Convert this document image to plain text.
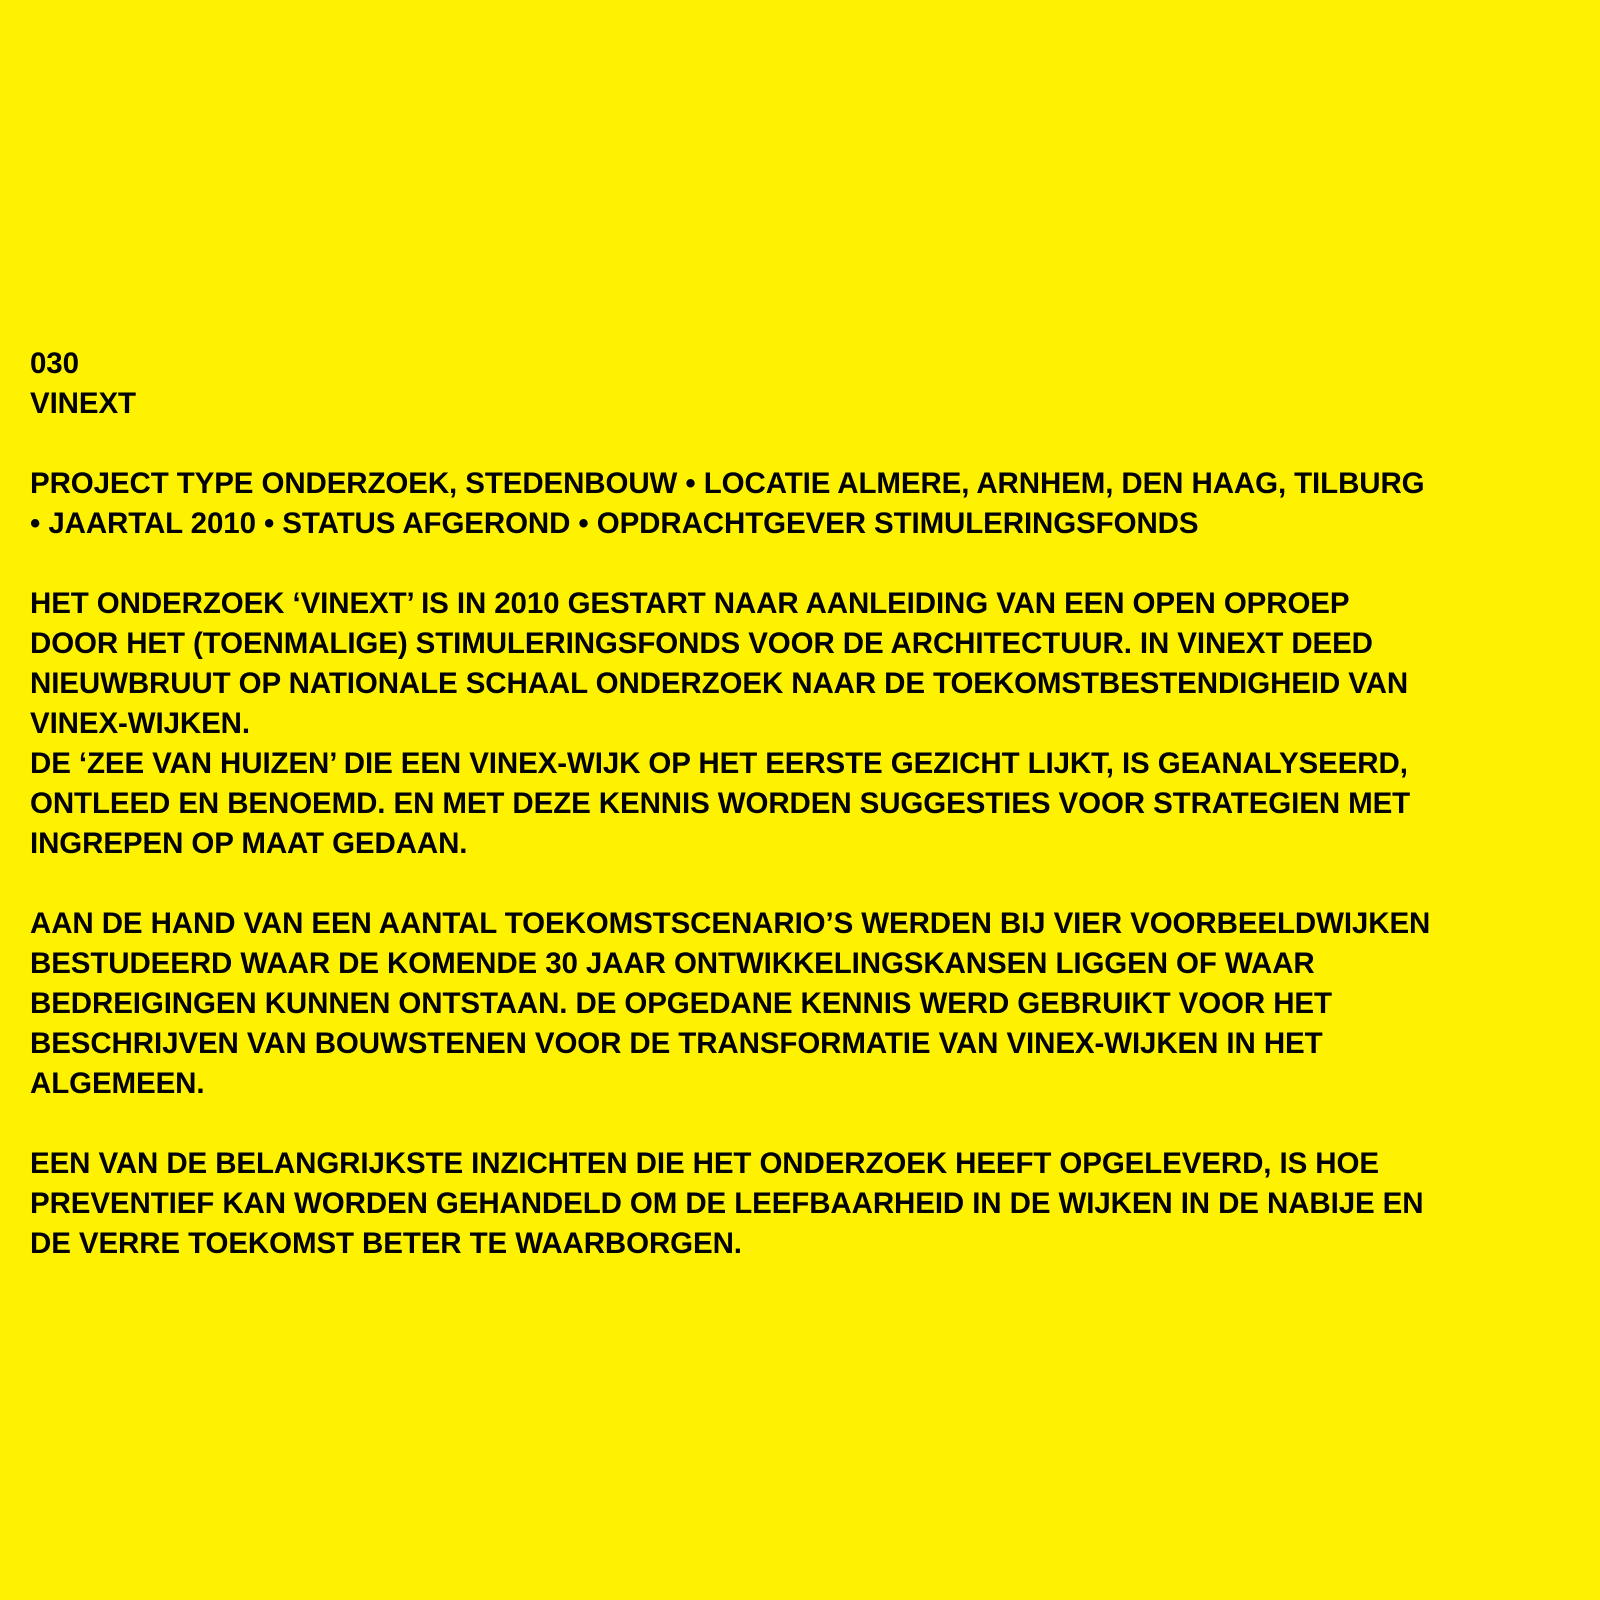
030
VINEXT
PROJECT TYPE ONDERZOEK, STEDENBOUW • LOCATIE ALMERE, ARNHEM, DEN HAAG, TILBURG
• JAARTAL 2010 • STATUS AFGEROND • OPDRACHTGEVER STIMULERINGSFONDS
HET ONDERZOEK ‘VINEXT’ IS IN 2010 GESTART NAAR AANLEIDING VAN EEN OPEN OPROEP
DOOR HET (TOENMALIGE) STIMULERINGSFONDS VOOR DE ARCHITECTUUR. IN VINEXT DEED
NIEUWBRUUT OP NATIONALE SCHAAL ONDERZOEK NAAR DE TOEKOMSTBESTENDIGHEID VAN
VINEX-WIJKEN.
DE ‘ZEE VAN HUIZEN’ DIE EEN VINEX-WIJK OP HET EERSTE GEZICHT LIJKT, IS GEANALYSEERD,
ONTLEED EN BENOEMD. EN MET DEZE KENNIS WORDEN SUGGESTIES VOOR STRATEGIEN MET
INGREPEN OP MAAT GEDAAN.
AAN DE HAND VAN EEN AANTAL TOEKOMSTSCENARIO’S WERDEN BIJ VIER VOORBEELDWIJKEN
BESTUDEERD WAAR DE KOMENDE 30 JAAR ONTWIKKELINGSKANSEN LIGGEN OF WAAR
BEDREIGINGEN KUNNEN ONTSTAAN. DE OPGEDANE KENNIS WERD GEBRUIKT VOOR HET
BESCHRIJVEN VAN BOUWSTENEN VOOR DE TRANSFORMATIE VAN VINEX-WIJKEN IN HET
ALGEMEEN.
EEN VAN DE BELANGRIJKSTE INZICHTEN DIE HET ONDERZOEK HEEFT OPGELEVERD, IS HOE
PREVENTIEF KAN WORDEN GEHANDELD OM DE LEEFBAARHEID IN DE WIJKEN IN DE NABIJE EN
DE VERRE TOEKOMST BETER TE WAARBORGEN.
